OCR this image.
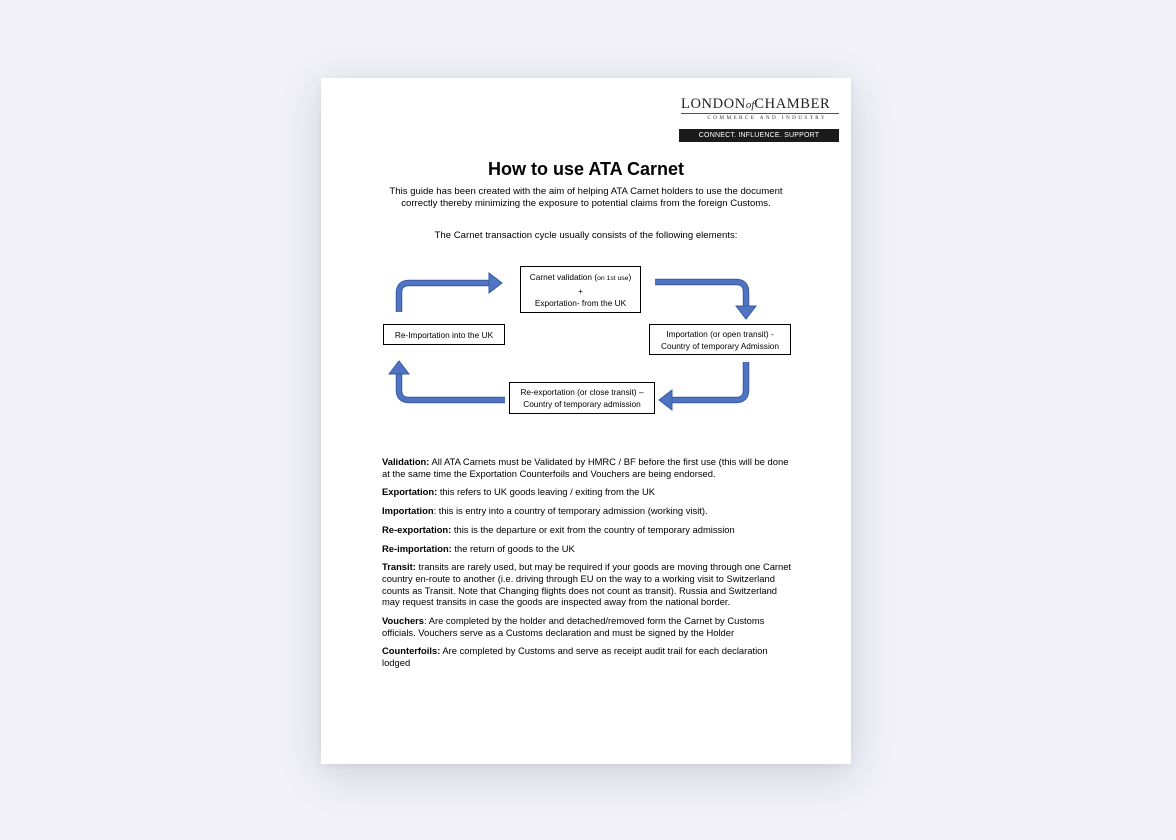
LONDONofCHAMBER
COMMERCE AND INDUSTRY
CONNECT. INFLUENCE. SUPPORT
How to use ATA Carnet

This guide has been created with the aim of helping ATA Carnet holders to use the document correctly thereby minimizing the exposure to potential claims from the foreign Customs.

The Carnet transaction cycle usually consists of the following elements:

Carnet validation (on 1st use)
+
Exportation- from the UK
Importation (or open transit) -
Country of temporary Admission
Re-exportation (or close transit) –
Country of temporary admission
Re-Importation into the UK

Validation: All ATA Carnets must be Validated by HMRC / BF before the first use (this will be done at the same time the Exportation Counterfoils and Vouchers are being endorsed.

Exportation: this refers to UK goods leaving / exiting from the UK

Importation: this is entry into a country of temporary admission (working visit).

Re-exportation: this is the departure or exit from the country of temporary admission

Re-importation: the return of goods to the UK

Transit: transits are rarely used, but may be required if your goods are moving through one Carnet country en-route to another (i.e. driving through EU on the way to a working visit to Switzerland counts as Transit. Note that Changing flights does not count as transit). Russia and Switzerland may request transits in case the goods are inspected away from the national border.

Vouchers: Are completed by the holder and detached/removed form the Carnet by Customs officials. Vouchers serve as a Customs declaration and must be signed by the Holder

Counterfoils: Are completed by Customs and serve as receipt audit trail for each declaration lodged
